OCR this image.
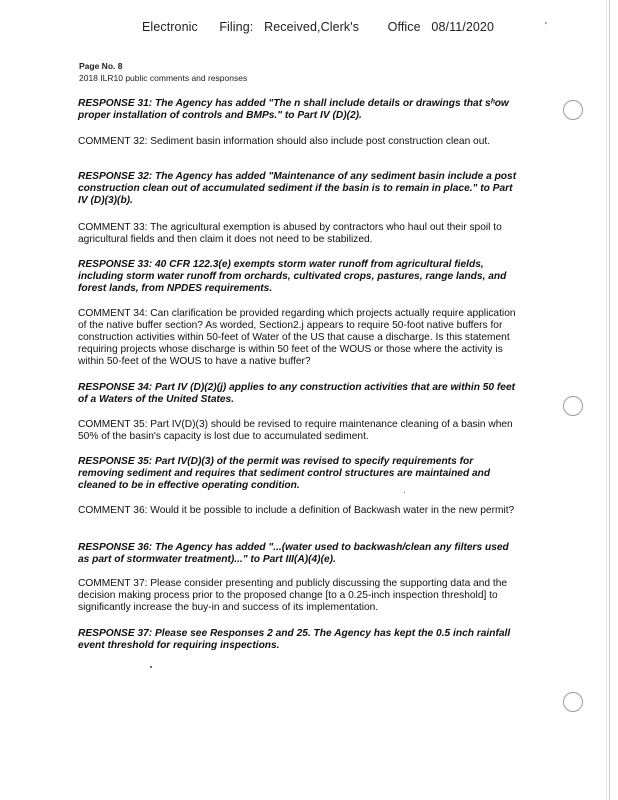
Electronic      Filing:   Received,Clerk's        Office   08/11/2020	'
Page No. 8
2018 ILR10 public comments and responses
RESPONSE 31: The Agency has added "The n shall include details or drawings that sʰow proper installation of controls and BMPs." to Part IV (D)(2).
COMMENT 32: Sediment basin information should also include post construction clean out.
RESPONSE 32: The Agency has added "Maintenance of any sediment basin include a post construction clean out of accumulated sediment if the basin is to remain in place." to Part IV (D)(3)(b).
COMMENT 33: The agricultural exemption is abused by contractors who haul out their spoil to agricultural fields and then claim it does not need to be stabilized.
RESPONSE 33: 40 CFR 122.3(e) exempts storm water runoff from agricultural fields, including storm water runoff from orchards, cultivated crops, pastures, range lands, and forest lands, from NPDES requirements.
COMMENT 34: Can clarification be provided regarding which projects actually require application of the native buffer section? As worded, Section2.j appears to require 50-foot native buffers for construction activities within 50-feet of Water of the US that cause a discharge. Is this statement requiring projects whose discharge is within 50 feet of the WOUS or those where the activity is within 50-feet of the WOUS to have a native buffer?
RESPONSE 34: Part IV (D)(2)(j) applies to any construction activities that are within 50 feet of a Waters of the United States.
COMMENT 35: Part IV(D)(3) should be revised to require maintenance cleaning of a basin when 50% of the basin's capacity is lost due to accumulated sediment.
RESPONSE 35: Part IV(D)(3) of the permit was revised to specify requirements for removing sediment and requires that sediment control structures are maintained and cleaned to be in effective operating condition.
COMMENT 36: Would it be possible to include a definition of Backwash water in the new permit?
RESPONSE 36: The Agency has added "...(water used to backwash/clean any filters used as part of stormwater treatment)..." to Part III(A)(4)(e).
COMMENT 37: Please consider presenting and publicly discussing the supporting data and the decision making process prior to the proposed change [to a 0.25-inch inspection threshold] to significantly increase the buy-in and success of its implementation.
RESPONSE 37: Please see Responses 2 and 25. The Agency has kept the 0.5 inch rainfall event threshold for requiring inspections.
